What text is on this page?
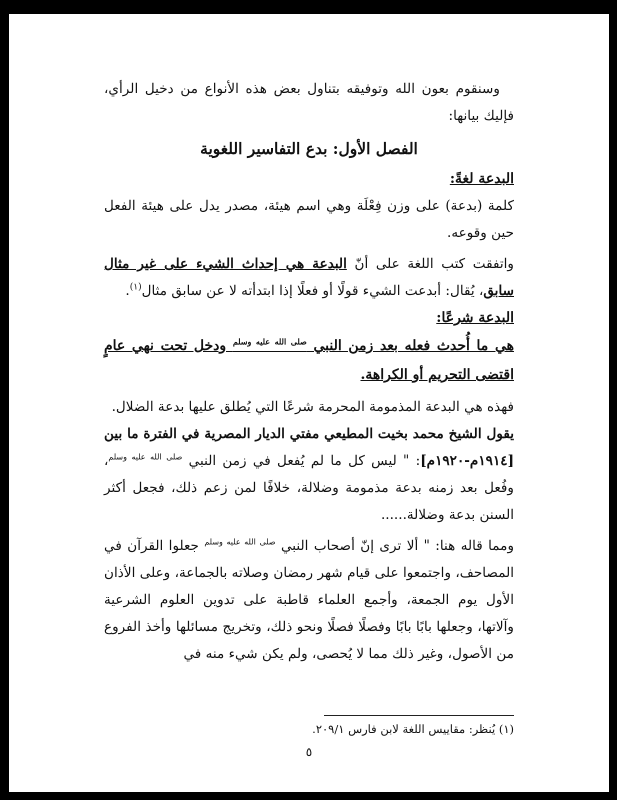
وسنقوم بعون الله وتوفيقه بتناول بعض هذه الأنواع من دخيل الرأي، فإليك بيانها:

الفصل الأول: بدع التفاسير اللغوية

البدعة لغةً:

كلمة (بدعة) على وزن فِعْلَة وهي اسم هيئة، مصدر يدل على هيئة الفعل حين وقوعه.

واتفقت كتب اللغة على أنّ البدعة هي إحداث الشيء على غير مثال سابق، يُقال: أبدعت الشيء قولًا أو فعلًا إذا ابتدأته لا عن سابق مثال$^{(١)}$.

البدعة شرعًا:

هي ما أُحدث فعله بعد زمن النبي $^{صلى الله عليه وسلم}$ ودخل تحت نهي عامٍ اقتضى التحريم أو الكراهة.

فهذه هي البدعة المذمومة المحرمة شرعًا التي يُطلق عليها بدعة الضلال.

يقول الشيخ محمد بخيت المطيعي مفتي الديار المصرية في الفترة ما بين [١٩١٤م-١٩٢٠م]: " ليس كل ما لم يُفعل في زمن النبي $^{صلى الله عليه وسلم}$، وفُعل بعد زمنه بدعة مذمومة وضلالة، خلافًا لمن زعم ذلك، فجعل أكثر السنن بدعة وضلالة......

ومما قاله هنا: " ألا ترى إنّ أصحاب النبي $^{صلى الله عليه وسلم}$ جعلوا القرآن في المصاحف، واجتمعوا على قيام شهر رمضان وصلاته بالجماعة، وعلى الأذان الأول يوم الجمعة، وأجمع العلماء قاطبة على تدوين العلوم الشرعية وآلاتها، وجعلها بابًا بابًا وفصلًا فصلًا ونحو ذلك، وتخريج مسائلها وأخذ الفروع من الأصول، وغير ذلك مما لا يُحصى، ولم يكن شيء منه في

(١) يُنظر: مقاييس اللغة لابن فارس ٢٠٩/١.
٥
